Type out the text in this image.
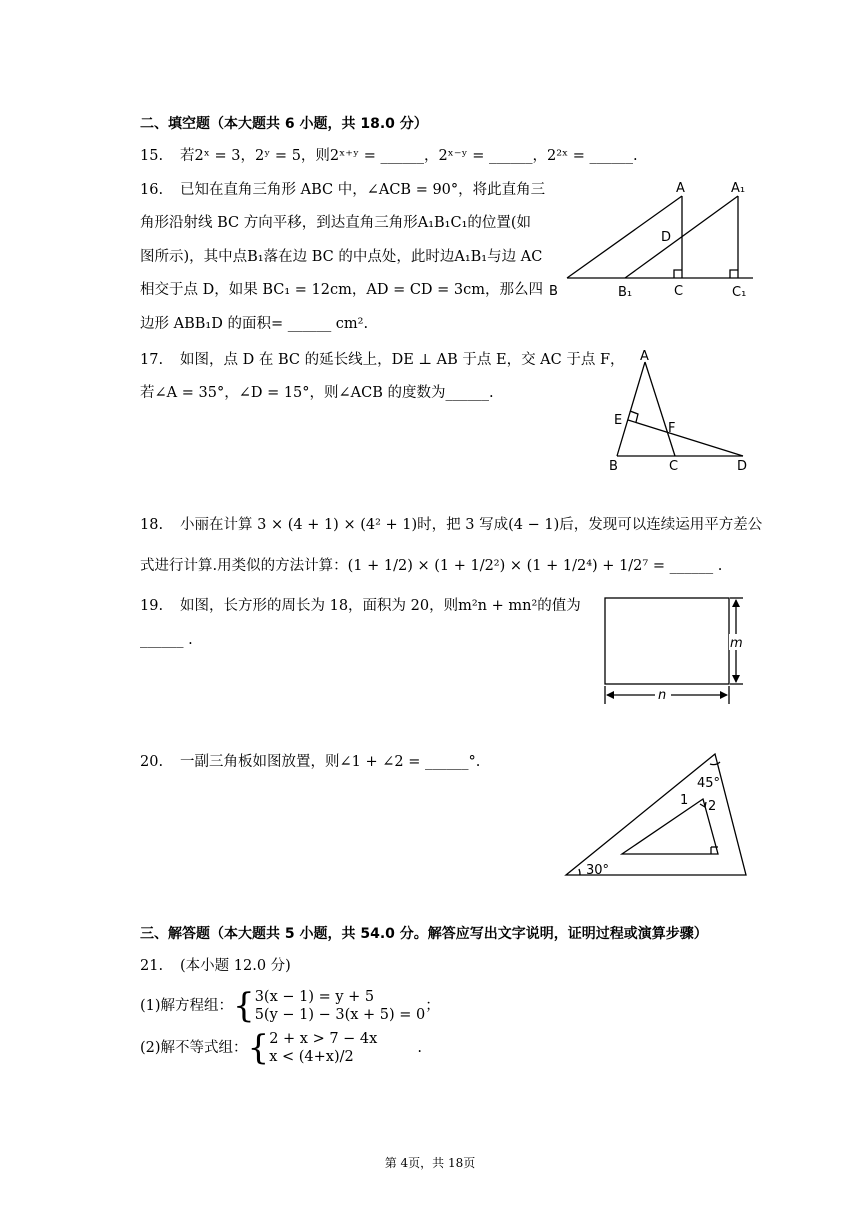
二、填空题（本大题共 6 小题，共 18.0 分）
15. 若2ˣ = 3，2ʸ = 5，则2ˣ⁺ʸ = ______，2ˣ⁻ʸ = ______，2²ˣ = ______.
16. 已知在直角三角形 ABC 中，∠ACB = 90°，将此直角三
角形沿射线 BC 方向平移，到达直角三角形A₁B₁C₁的位置(如
图所示)，其中点B₁落在边 BC 的中点处，此时边A₁B₁与边 AC
相交于点 D，如果 BC₁ = 12cm，AD = CD = 3cm，那么四
边形 ABB₁D 的面积= ______ cm².
A	A₁
D
B	B₁	C	C₁
17. 如图，点 D 在 BC 的延长线上，DE ⊥ AB 于点 E，交 AC 于点 F，
若∠A = 35°，∠D = 15°，则∠ACB 的度数为______.
A
E
F
B	C	D
18. 小丽在计算 3 × (4 + 1) × (4² + 1)时，把 3 写成(4 − 1)后，发现可以连续运用平方差公
式进行计算.用类似的方法计算：(1 + 1/2) × (1 + 1/2²) × (1 + 1/2⁴) + 1/2⁷ = ______ .
19. 如图，长方形的周长为 18，面积为 20，则m²n + mn²的值为
______ .	m
n
20. 一副三角板如图放置，则∠1 + ∠2 = ______°.
45°
1 2
30°
三、解答题（本大题共 5 小题，共 54.0 分。解答应写出文字说明，证明过程或演算步骤）
21. (本小题 12.0 分)
(1)解方程组：{3(x − 1) = y + 5
5(y − 1) − 3(x + 5) = 0；
(2)解不等式组：{2 + x > 7 − 4x
x < (4+x)/2.
第 4页，共 18页
